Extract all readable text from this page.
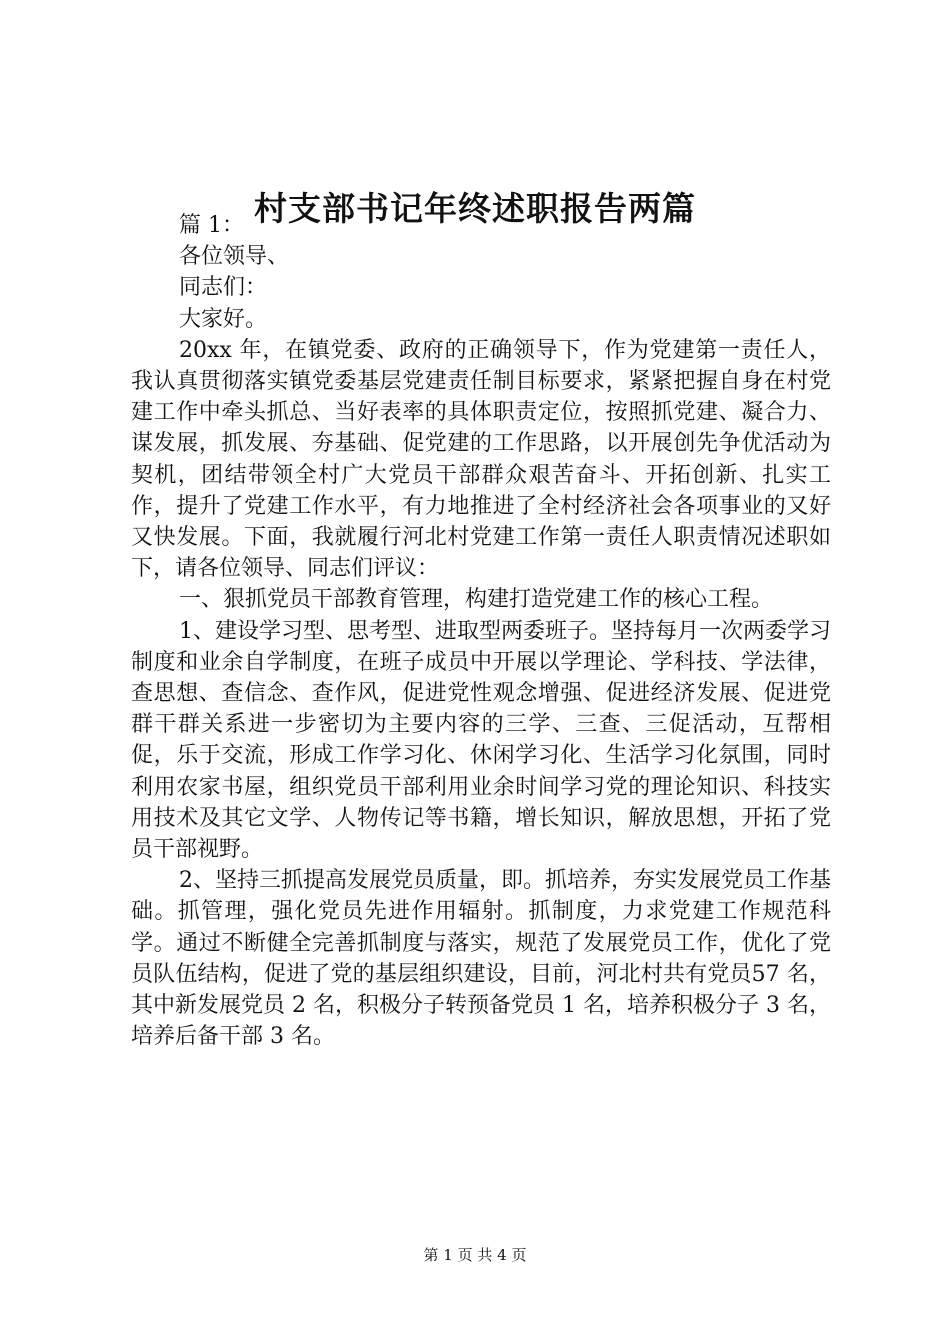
村支部书记年终述职报告两篇

篇 1：

各位领导、

同志们：

大家好。

20xx 年，在镇党委、政府的正确领导下，作为党建第一责任人，我认真贯彻落实镇党委基层党建责任制目标要求，紧紧把握自身在村党建工作中牵头抓总、当好表率的具体职责定位，按照抓党建、凝合力、谋发展，抓发展、夯基础、促党建的工作思路，以开展创先争优活动为契机，团结带领全村广大党员干部群众艰苦奋斗、开拓创新、扎实工作，提升了党建工作水平，有力地推进了全村经济社会各项事业的又好又快发展。下面，我就履行河北村党建工作第一责任人职责情况述职如下，请各位领导、同志们评议：

一、狠抓党员干部教育管理，构建打造党建工作的核心工程。

1、建设学习型、思考型、进取型两委班子。坚持每月一次两委学习制度和业余自学制度，在班子成员中开展以学理论、学科技、学法律，查思想、查信念、查作风，促进党性观念增强、促进经济发展、促进党群干群关系进一步密切为主要内容的三学、三查、三促活动，互帮相促，乐于交流，形成工作学习化、休闲学习化、生活学习化氛围，同时利用农家书屋，组织党员干部利用业余时间学习党的理论知识、科技实用技术及其它文学、人物传记等书籍，增长知识，解放思想，开拓了党员干部视野。

2、坚持三抓提高发展党员质量，即。抓培养，夯实发展党员工作基础。抓管理，强化党员先进作用辐射。抓制度，力求党建工作规范科学。通过不断健全完善抓制度与落实，规范了发展党员工作，优化了党员队伍结构，促进了党的基层组织建设，目前，河北村共有党员57 名，其中新发展党员 2 名，积极分子转预备党员 1 名，培养积极分子 3 名，培养后备干部 3 名。

第 1 页 共 4 页
